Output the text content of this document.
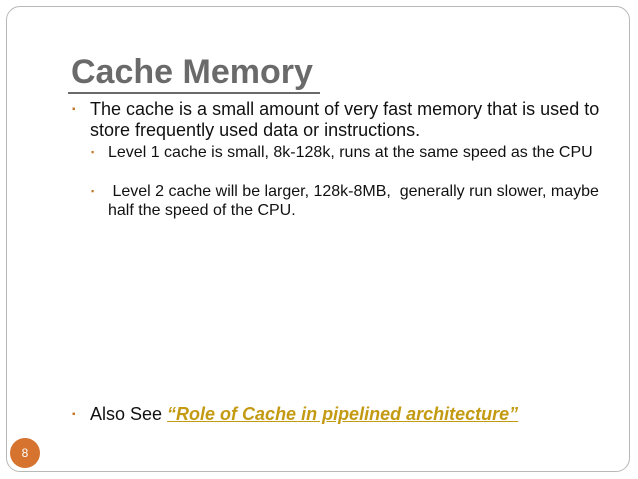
Cache Memory
▪ The cache is a small amount of very fast memory that is used to store frequently used data or instructions.
▪ Level 1 cache is small, 8k-128k, runs at the same speed as the CPU
▪ Level 2 cache will be larger, 128k-8MB,  generally run slower, maybe half the speed of the CPU.
▪ Also See “Role of Cache in pipelined architecture”
8
